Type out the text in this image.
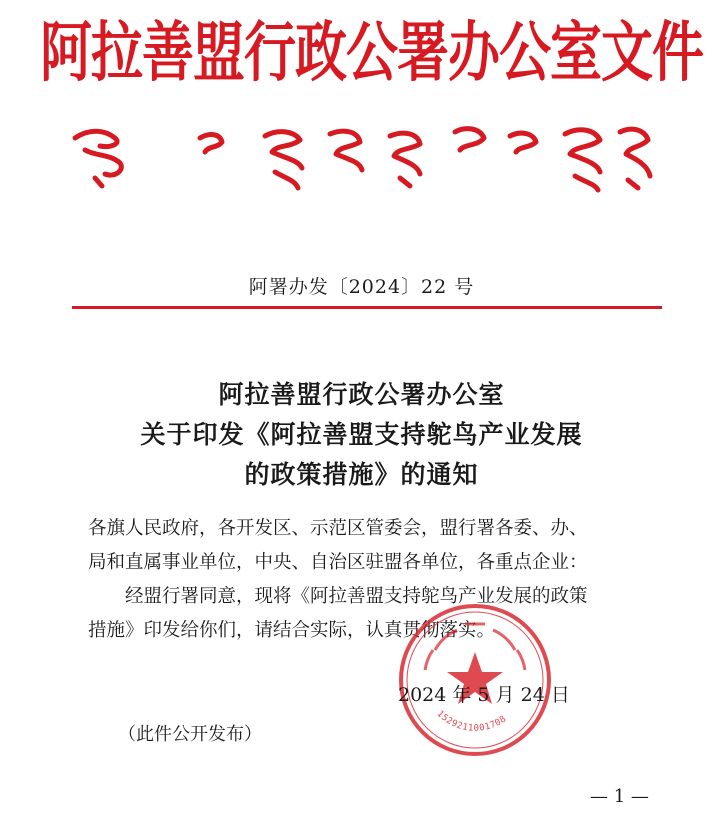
阿拉善盟行政公署办公室文件
阿署办发〔2024〕22 号
阿拉善盟行政公署办公室
关于印发《阿拉善盟支持鸵鸟产业发展
的政策措施》的通知

各旗人民政府，各开发区、示范区管委会，盟行署各委、办、

局和直属事业单位，中央、自治区驻盟各单位，各重点企业：

经盟行署同意，现将《阿拉善盟支持鸵鸟产业发展的政策

措施》印发给你们，请结合实际，认真贯彻落实。

1529211001708
2024 年 5 月 24 日
（此件公开发布）
— 1 —
